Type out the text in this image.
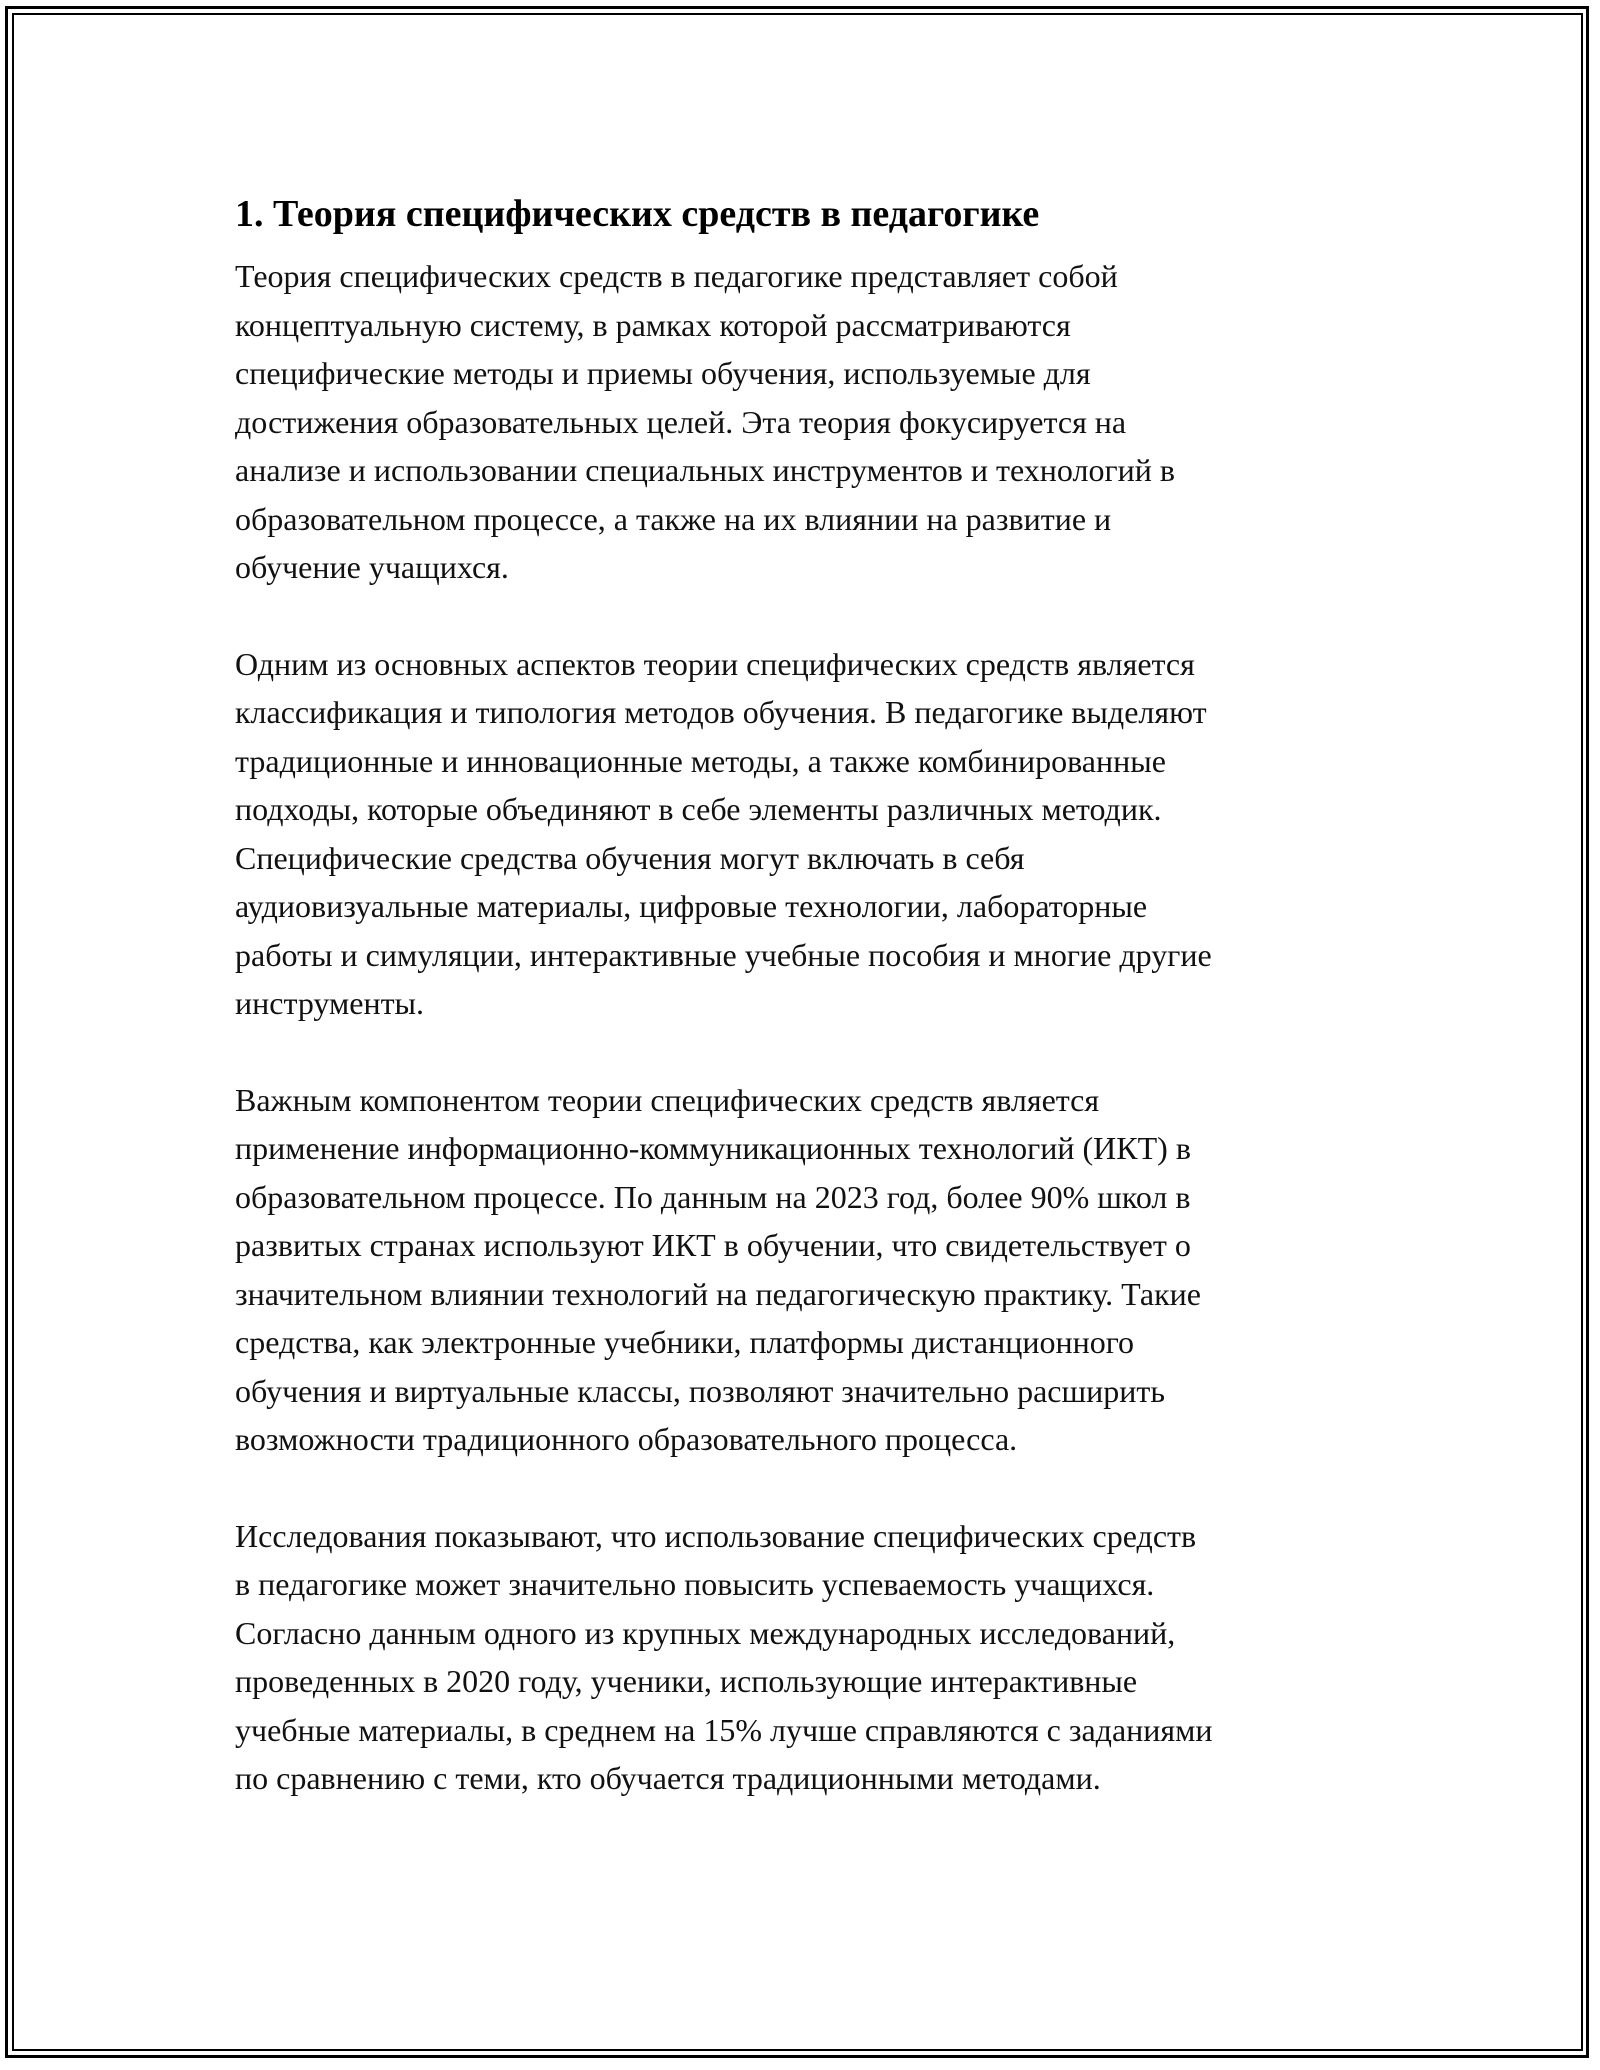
1. Теория специфических средств в педагогике

Теория специфических средств в педагогике представляет собой
концептуальную систему, в рамках которой рассматриваются
специфические методы и приемы обучения, используемые для
достижения образовательных целей. Эта теория фокусируется на
анализе и использовании специальных инструментов и технологий в
образовательном процессе, а также на их влиянии на развитие и
обучение учащихся.

Одним из основных аспектов теории специфических средств является
классификация и типология методов обучения. В педагогике выделяют
традиционные и инновационные методы, а также комбинированные
подходы, которые объединяют в себе элементы различных методик.
Специфические средства обучения могут включать в себя
аудиовизуальные материалы, цифровые технологии, лабораторные
работы и симуляции, интерактивные учебные пособия и многие другие
инструменты.

Важным компонентом теории специфических средств является
применение информационно-коммуникационных технологий (ИКТ) в
образовательном процессе. По данным на 2023 год, более 90% школ в
развитых странах используют ИКТ в обучении, что свидетельствует о
значительном влиянии технологий на педагогическую практику. Такие
средства, как электронные учебники, платформы дистанционного
обучения и виртуальные классы, позволяют значительно расширить
возможности традиционного образовательного процесса.

Исследования показывают, что использование специфических средств
в педагогике может значительно повысить успеваемость учащихся.
Согласно данным одного из крупных международных исследований,
проведенных в 2020 году, ученики, использующие интерактивные
учебные материалы, в среднем на 15% лучше справляются с заданиями
по сравнению с теми, кто обучается традиционными методами.
